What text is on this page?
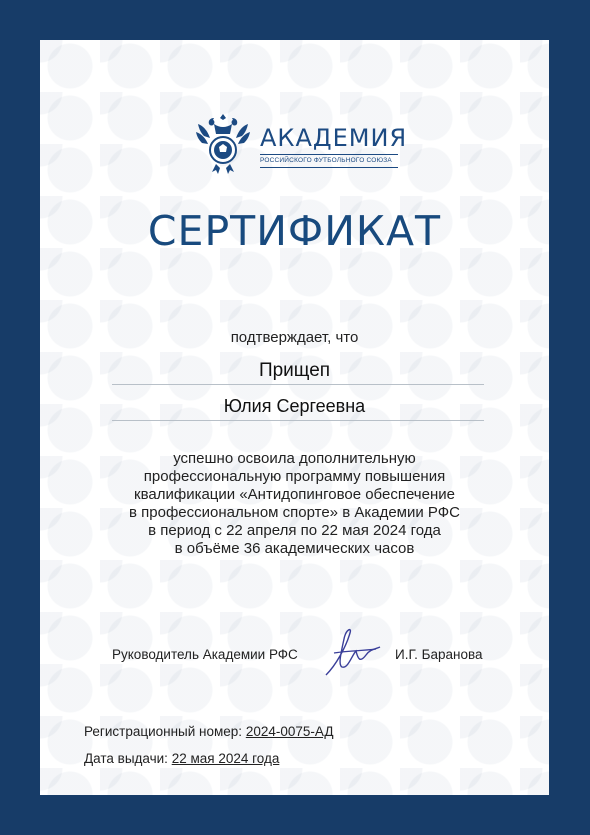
АКАДЕМИЯ
РОССИЙСКОГО ФУТБОЛЬНОГО СОЮЗА
СЕРТИФИКАТ
подтверждает, что
Прищеп
Юлия Сергеевна
успешно освоила дополнительную
профессиональную программу повышения
квалификации «Антидопинговое обеспечение
в профессиональном спорте» в Академии РФС
в период с 22 апреля по 22 мая 2024 года
в объёме 36 академических часов
Руководитель Академии РФС	И.Г. Баранова
Регистрационный номер: 2024-0075-АД
Дата выдачи: 22 мая 2024 года
